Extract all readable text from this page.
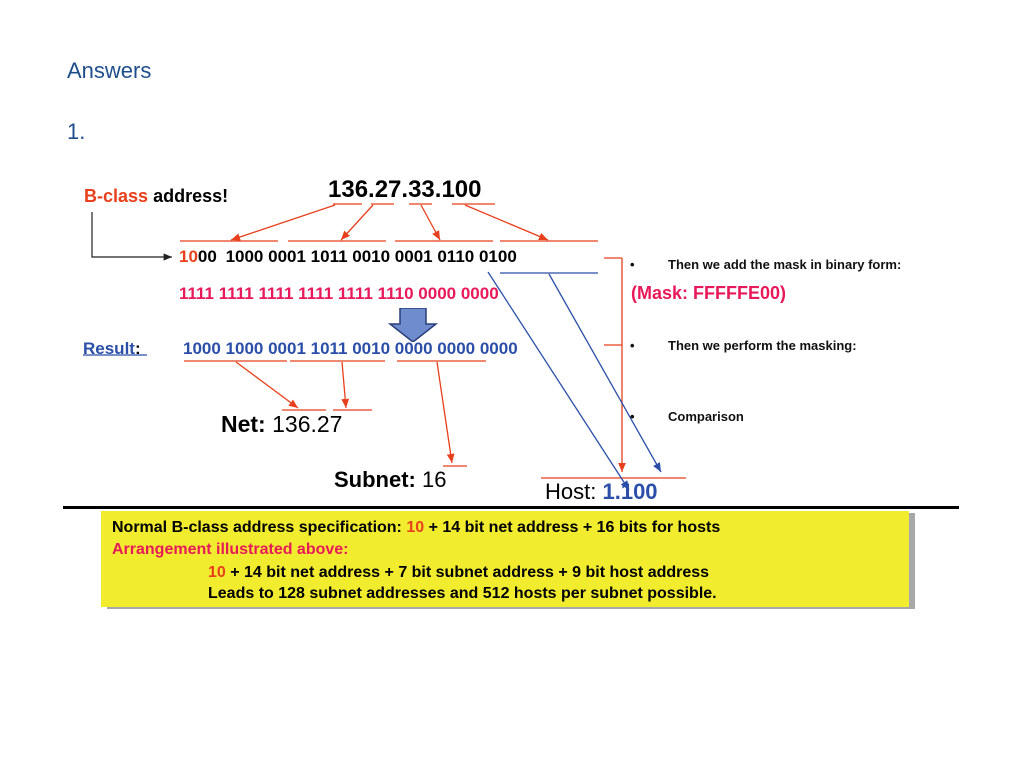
Answers
1.
136.27.33.100
B-class address!
1000 1000 0001 1011 0010 0001 0110 0100
1111 1111 1111 1111 1111 1110 0000 0000	(Mask: FFFFFE00)
Result: 1000 1000 0001 1011 0010 0000 0000 0000
Net: 136.27
Subnet: 16	Host: 1.100
•	Then we add the mask in binary form:
•	Then we perform the masking:
•	Comparison
Normal B-class address specification: 10 + 14 bit net address + 16 bits for hosts
Arrangement illustrated above:
10 + 14 bit net address + 7 bit subnet address + 9 bit host address
Leads to 128 subnet addresses and 512 hosts per subnet possible.
